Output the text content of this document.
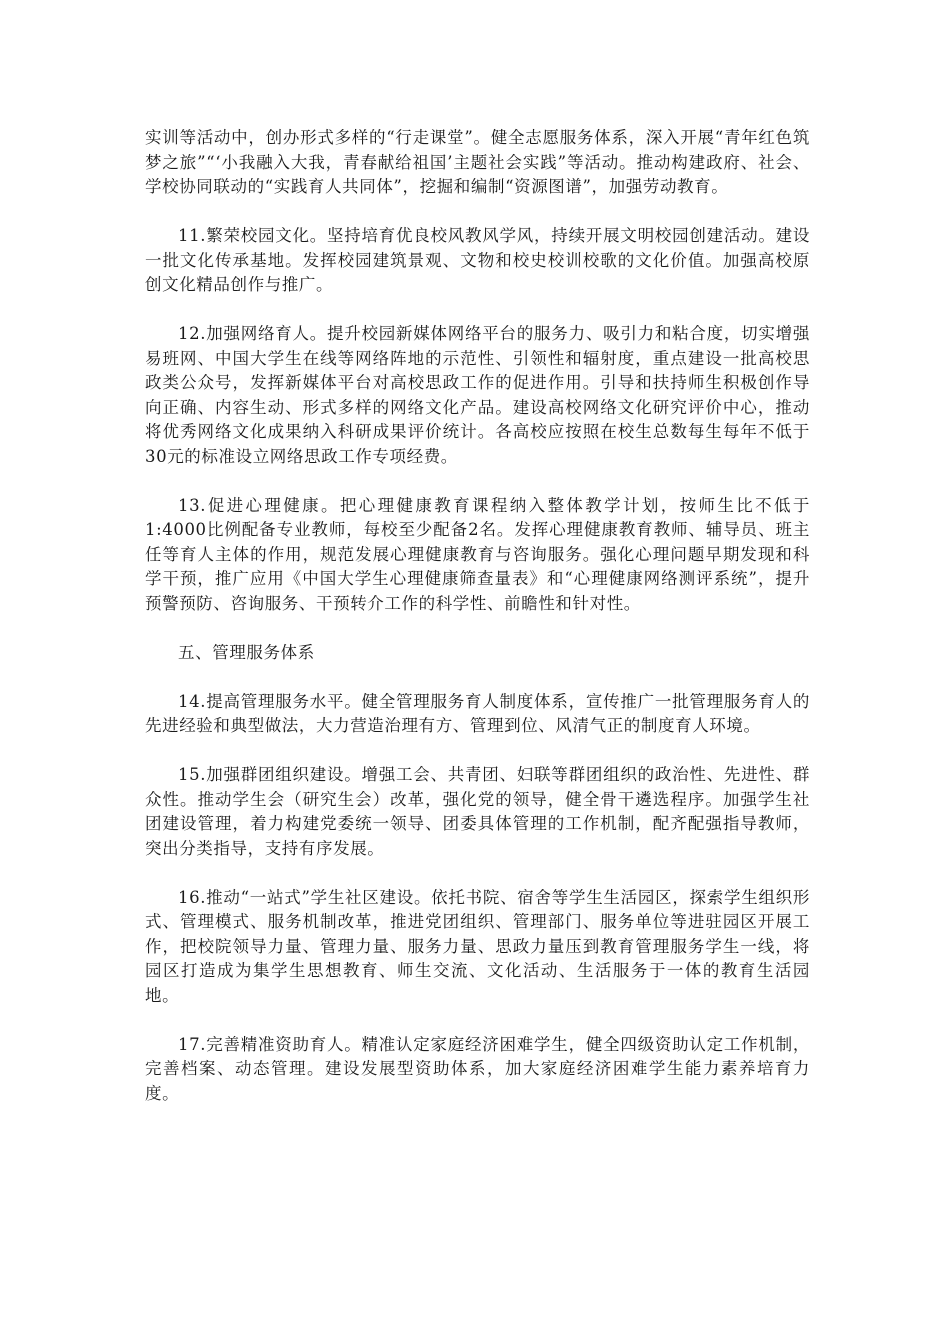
实训等活动中，创办形式多样的“行走课堂”。健全志愿服务体系，深入开展“青年红色筑梦之旅”“‘小我融入大我，青春献给祖国’主题社会实践”等活动。推动构建政府、社会、学校协同联动的“实践育人共同体”，挖掘和编制“资源图谱”，加强劳动教育。

11.繁荣校园文化。坚持培育优良校风教风学风，持续开展文明校园创建活动。建设一批文化传承基地。发挥校园建筑景观、文物和校史校训校歌的文化价值。加强高校原创文化精品创作与推广。

12.加强网络育人。提升校园新媒体网络平台的服务力、吸引力和粘合度，切实增强易班网、中国大学生在线等网络阵地的示范性、引领性和辐射度，重点建设一批高校思政类公众号，发挥新媒体平台对高校思政工作的促进作用。引导和扶持师生积极创作导向正确、内容生动、形式多样的网络文化产品。建设高校网络文化研究评价中心，推动将优秀网络文化成果纳入科研成果评价统计。各高校应按照在校生总数每生每年不低于30元的标准设立网络思政工作专项经费。

13.促进心理健康。把心理健康教育课程纳入整体教学计划，按师生比不低于1:4000比例配备专业教师，每校至少配备2名。发挥心理健康教育教师、辅导员、班主任等育人主体的作用，规范发展心理健康教育与咨询服务。强化心理问题早期发现和科学干预，推广应用《中国大学生心理健康筛查量表》和“心理健康网络测评系统”，提升预警预防、咨询服务、干预转介工作的科学性、前瞻性和针对性。

五、管理服务体系

14.提高管理服务水平。健全管理服务育人制度体系，宣传推广一批管理服务育人的先进经验和典型做法，大力营造治理有方、管理到位、风清气正的制度育人环境。

15.加强群团组织建设。增强工会、共青团、妇联等群团组织的政治性、先进性、群众性。推动学生会（研究生会）改革，强化党的领导，健全骨干遴选程序。加强学生社团建设管理，着力构建党委统一领导、团委具体管理的工作机制，配齐配强指导教师，突出分类指导，支持有序发展。

16.推动“一站式”学生社区建设。依托书院、宿舍等学生生活园区，探索学生组织形式、管理模式、服务机制改革，推进党团组织、管理部门、服务单位等进驻园区开展工作，把校院领导力量、管理力量、服务力量、思政力量压到教育管理服务学生一线，将园区打造成为集学生思想教育、师生交流、文化活动、生活服务于一体的教育生活园地。

17.完善精准资助育人。精准认定家庭经济困难学生，健全四级资助认定工作机制，完善档案、动态管理。建设发展型资助体系，加大家庭经济困难学生能力素养培育力度。
